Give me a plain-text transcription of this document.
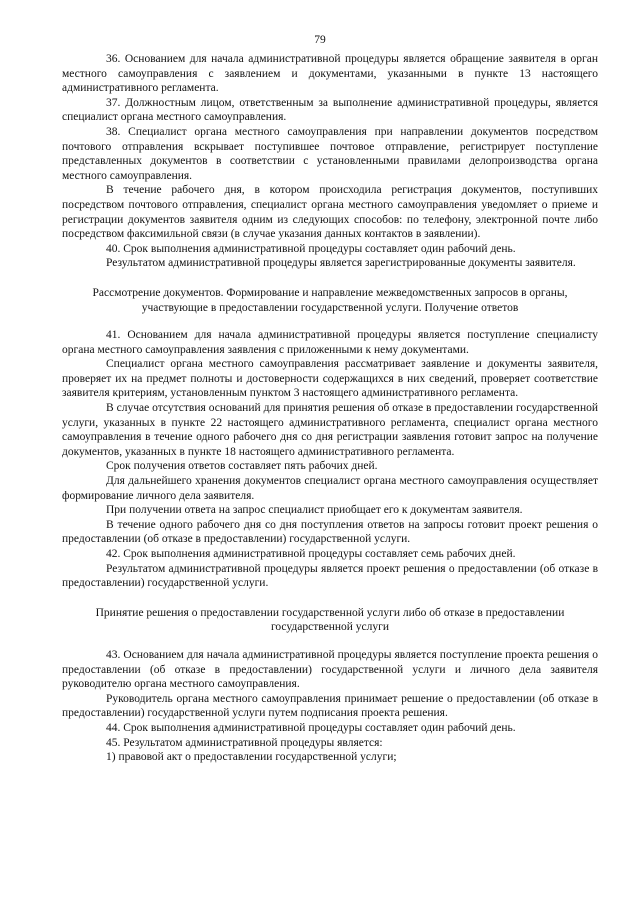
79

36. Основанием для начала административной процедуры является обращение заявителя в орган местного самоуправления с заявлением и документами, указанными в пункте 13 настоящего административного регламента.

37. Должностным лицом, ответственным за выполнение административной процедуры, является специалист органа местного самоуправления.

38. Специалист органа местного самоуправления при направлении документов посредством почтового отправления вскрывает поступившее почтовое отправление, регистрирует поступление представленных документов в соответствии с установленными правилами делопроизводства органа местного самоуправления.

В течение рабочего дня, в котором происходила регистрация документов, поступивших посредством почтового отправления, специалист органа местного самоуправления уведомляет о приеме и регистрации документов заявителя одним из следующих способов: по телефону, электронной почте либо посредством факсимильной связи (в случае указания данных контактов в заявлении).

40. Срок выполнения административной процедуры составляет один рабочий день.

Результатом административной процедуры является зарегистрированные документы заявителя.

Рассмотрение документов. Формирование и направление межведомственных запросов в органы, участвующие в предоставлении государственной услуги. Получение ответов

41. Основанием для начала административной процедуры является поступление специалисту органа местного самоуправления заявления с приложенными к нему документами.

Специалист органа местного самоуправления рассматривает заявление и документы заявителя, проверяет их на предмет полноты и достоверности содержащихся в них сведений, проверяет соответствие заявителя критериям, установленным пунктом 3 настоящего административного регламента.

В случае отсутствия оснований для принятия решения об отказе в предоставлении государственной услуги, указанных в пункте 22 настоящего административного регламента, специалист органа местного самоуправления в течение одного рабочего дня со дня регистрации заявления готовит запрос на получение документов, указанных в пункте 18 настоящего административного регламента.

Срок получения ответов составляет пять рабочих дней.

Для дальнейшего хранения документов специалист органа местного самоуправления осуществляет формирование личного дела заявителя.

При получении ответа на запрос специалист приобщает его к документам заявителя.

В течение одного рабочего дня со дня поступления ответов на запросы готовит проект решения о предоставлении (об отказе в предоставлении) государственной услуги.

42. Срок выполнения административной процедуры составляет семь рабочих дней.

Результатом административной процедуры является проект решения о предоставлении (об отказе в предоставлении) государственной услуги.

Принятие решения о предоставлении государственной услуги либо об отказе в предоставлении государственной услуги

43. Основанием для начала административной процедуры является поступление проекта решения о предоставлении (об отказе в предоставлении) государственной услуги и личного дела заявителя руководителю органа местного самоуправления.

Руководитель органа местного самоуправления принимает решение о предоставлении (об отказе в предоставлении) государственной услуги путем подписания проекта решения.

44. Срок выполнения административной процедуры составляет один рабочий день.

45. Результатом административной процедуры является:

1) правовой акт о предоставлении государственной услуги;
